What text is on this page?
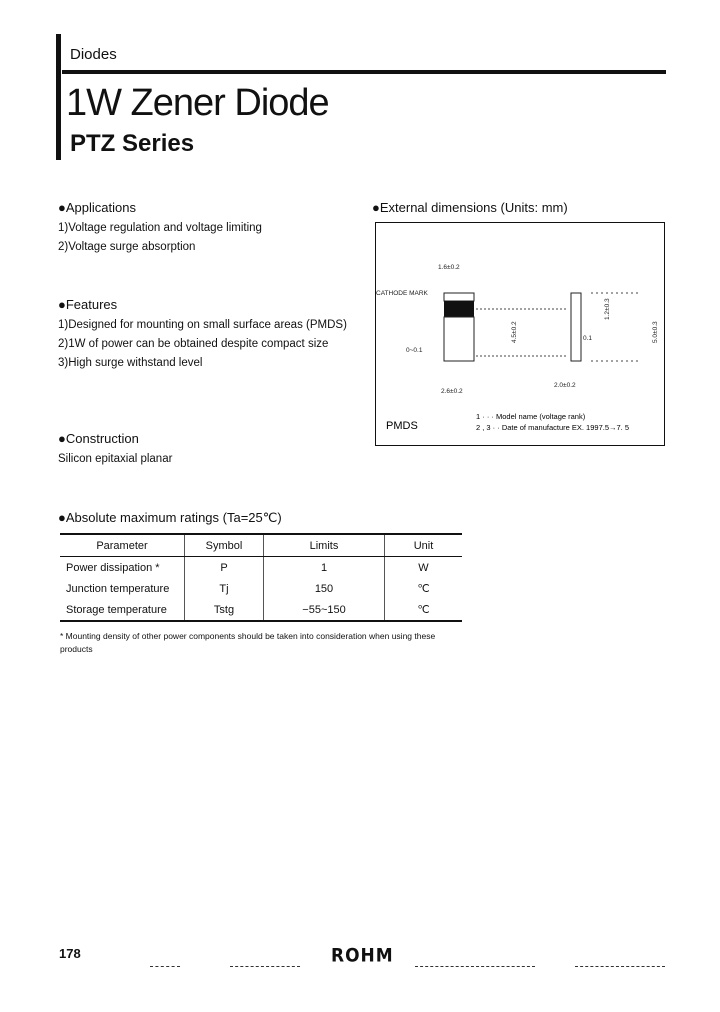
Diodes
1W Zener Diode
PTZ Series
● Applications
1)Voltage regulation and voltage limiting
2)Voltage surge absorption
● Features
1)Designed for mounting on small surface areas (PMDS)
2)1W of power can be obtained despite compact size
3)High surge withstand level
● Construction
Silicon epitaxial planar
● External dimensions (Units: mm)
1.6±0.2
CATHODE MARK
0~0.1
2.6±0.2
2.0±0.2
0.1
4.5±0.2
1.2±0.3
5.0±0.3
PMDS
1 · · · Model name (voltage rank)
2 , 3 · · Date of manufacture EX. 1997.5→7. 5
● Absolute maximum ratings (Ta=25℃)
Parameter	Symbol	Limits	Unit
Power dissipation *	P	1	W
Junction temperature	Tj	150	℃
Storage temperature	Tstg	−55~150	℃
* Mounting density of other power components should be taken into consideration when using these products
178	ROHM
